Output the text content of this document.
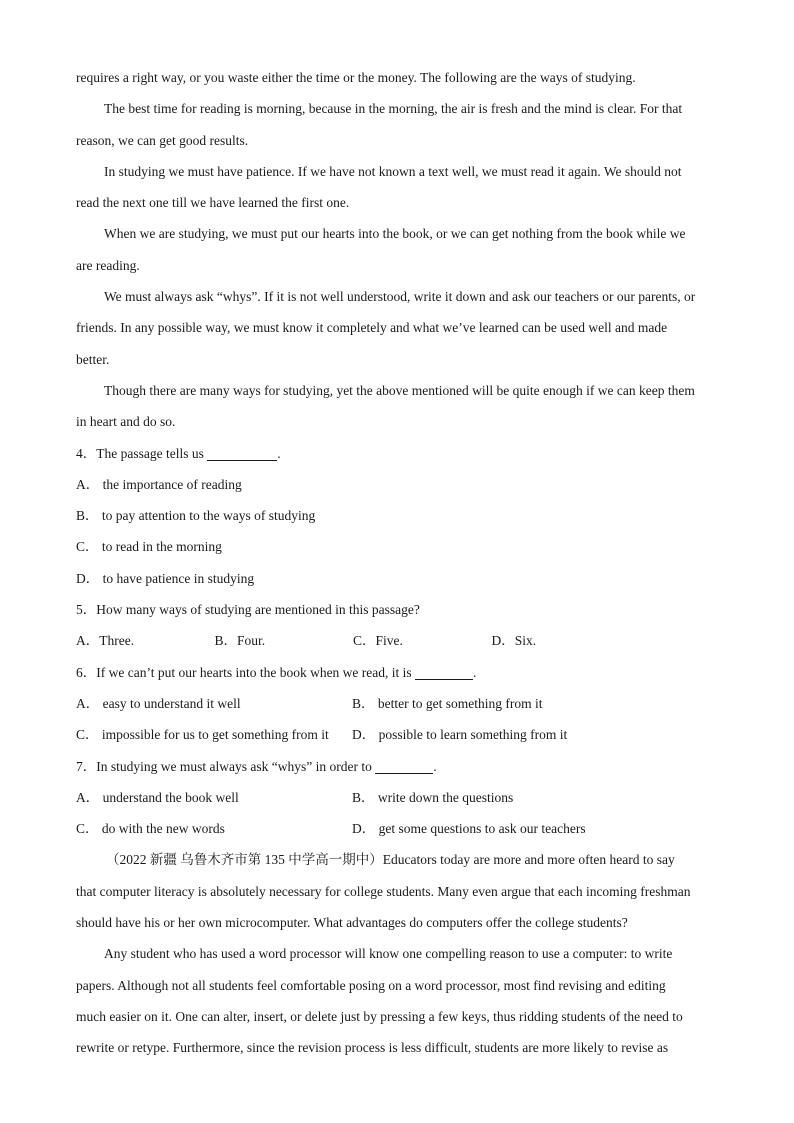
requires a right way, or you waste either the time or the money. The following are the ways of studying.
The best time for reading is morning, because in the morning, the air is fresh and the mind is clear. For that
reason, we can get good results.
In studying we must have patience. If we have not known a text well, we must read it again. We should not
read the next one till we have learned the first one.
When we are studying, we must put our hearts into the book, or we can get nothing from the book while we
are reading.
We must always ask “whys”. If it is not well understood, write it down and ask our teachers or our parents, or
friends. In any possible way, we must know it completely and what we’ve learned can be used well and made
better.
Though there are many ways for studying, yet the above mentioned will be quite enough if we can keep them
in heart and do so.
4．The passage tells us	.
A． the importance of reading
B． to pay attention to the ways of studying
C． to read in the morning
D． to have patience in studying
5．How many ways of studying are mentioned in this passage?
A．Three.	B．Four.	C．Five.	D．Six.
6．If we can’t put our hearts into the book when we read, it is	.
A． easy to understand it well	B． better to get something from it
C． impossible for us to get something from it	D． possible to learn something from it
7．In studying we must always ask “whys” in order to	.
A． understand the book well	B． write down the questions
C． do with the new words	D． get some questions to ask our teachers
（2022 新疆 乌鲁木齐市第 135 中学高一期中）Educators today are more and more often heard to say
that computer literacy is absolutely necessary for college students. Many even argue that each incoming freshman
should have his or her own microcomputer. What advantages do computers offer the college students?
Any student who has used a word processor will know one compelling reason to use a computer: to write
papers. Although not all students feel comfortable posing on a word processor, most find revising and editing
much easier on it. One can alter, insert, or delete just by pressing a few keys, thus ridding students of the need to
rewrite or retype. Furthermore, since the revision process is less difficult, students are more likely to revise as
